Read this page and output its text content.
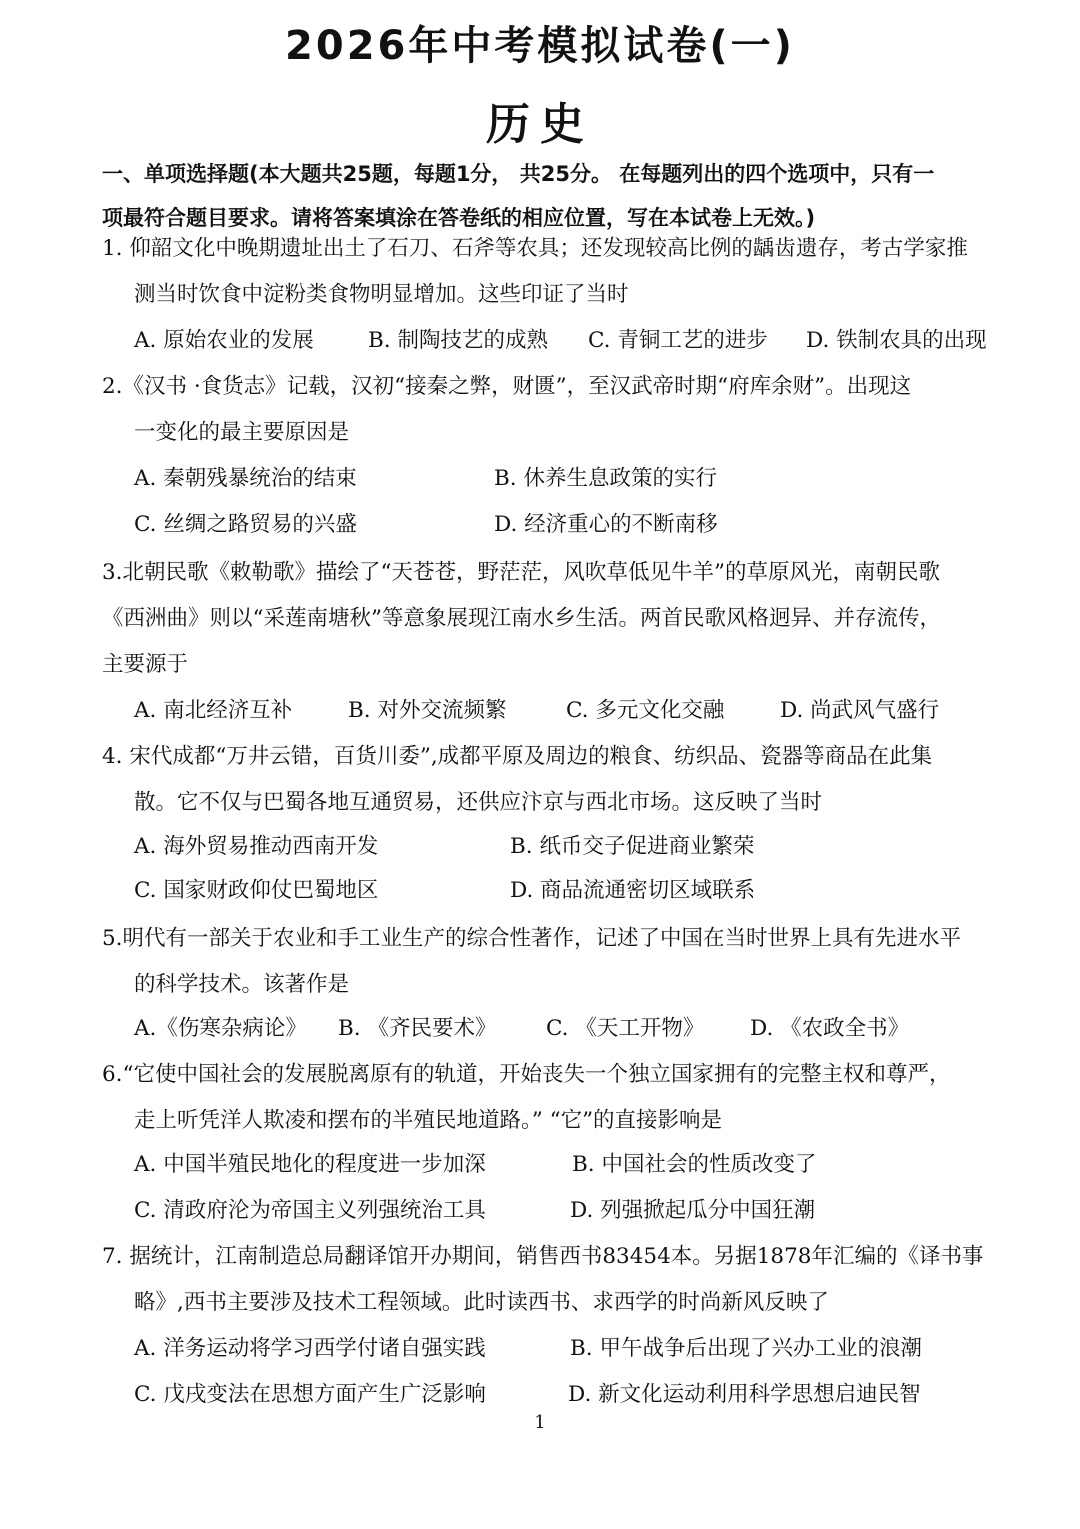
2026年中考模拟试卷(一)
历史
一、单项选择题(本大题共25题，每题1分， 共25分。 在每题列出的四个选项中，只有一
项最符合题目要求。请将答案填涂在答卷纸的相应位置，写在本试卷上无效。)
1. 仰韶文化中晚期遗址出土了石刀、石斧等农具；还发现较高比例的龋齿遗存，考古学家推
测当时饮食中淀粉类食物明显增加。这些印证了当时
A. 原始农业的发展	B. 制陶技艺的成熟 C. 青铜工艺的进步 D. 铁制农具的出现
2.《汉书 ·食货志》记载，汉初“接秦之弊，财匮”，至汉武帝时期“府库余财”。出现这
一变化的最主要原因是
A. 秦朝残暴统治的结束	B. 休养生息政策的实行
C. 丝绸之路贸易的兴盛	D. 经济重心的不断南移
3.北朝民歌《敕勒歌》描绘了“天苍苍，野茫茫，风吹草低见牛羊”的草原风光，南朝民歌
《西洲曲》则以“采莲南塘秋”等意象展现江南水乡生活。两首民歌风格迥异、并存流传，
主要源于
A. 南北经济互补	B. 对外交流频繁	C. 多元文化交融	D. 尚武风气盛行
4. 宋代成都“万井云错，百货川委”,成都平原及周边的粮食、纺织品、瓷器等商品在此集
散。它不仅与巴蜀各地互通贸易，还供应汴京与西北市场。这反映了当时
A. 海外贸易推动西南开发	B. 纸币交子促进商业繁荣
C. 国家财政仰仗巴蜀地区	D. 商品流通密切区域联系
5.明代有一部关于农业和手工业生产的综合性著作，记述了中国在当时世界上具有先进水平
的科学技术。该著作是
A.《伤寒杂病论》 B. 《齐民要术》 C. 《天工开物》 D. 《农政全书》
6.“它使中国社会的发展脱离原有的轨道，开始丧失一个独立国家拥有的完整主权和尊严，
走上听凭洋人欺凌和摆布的半殖民地道路。” “它”的直接影响是
A. 中国半殖民地化的程度进一步加深	B. 中国社会的性质改变了
C. 清政府沦为帝国主义列强统治工具	D. 列强掀起瓜分中国狂潮
7. 据统计，江南制造总局翻译馆开办期间，销售西书83454本。另据1878年汇编的《译书事
略》,西书主要涉及技术工程领域。此时读西书、求西学的时尚新风反映了
A. 洋务运动将学习西学付诸自强实践	B. 甲午战争后出现了兴办工业的浪潮
C. 戊戌变法在思想方面产生广泛影响	D. 新文化运动利用科学思想启迪民智
1
